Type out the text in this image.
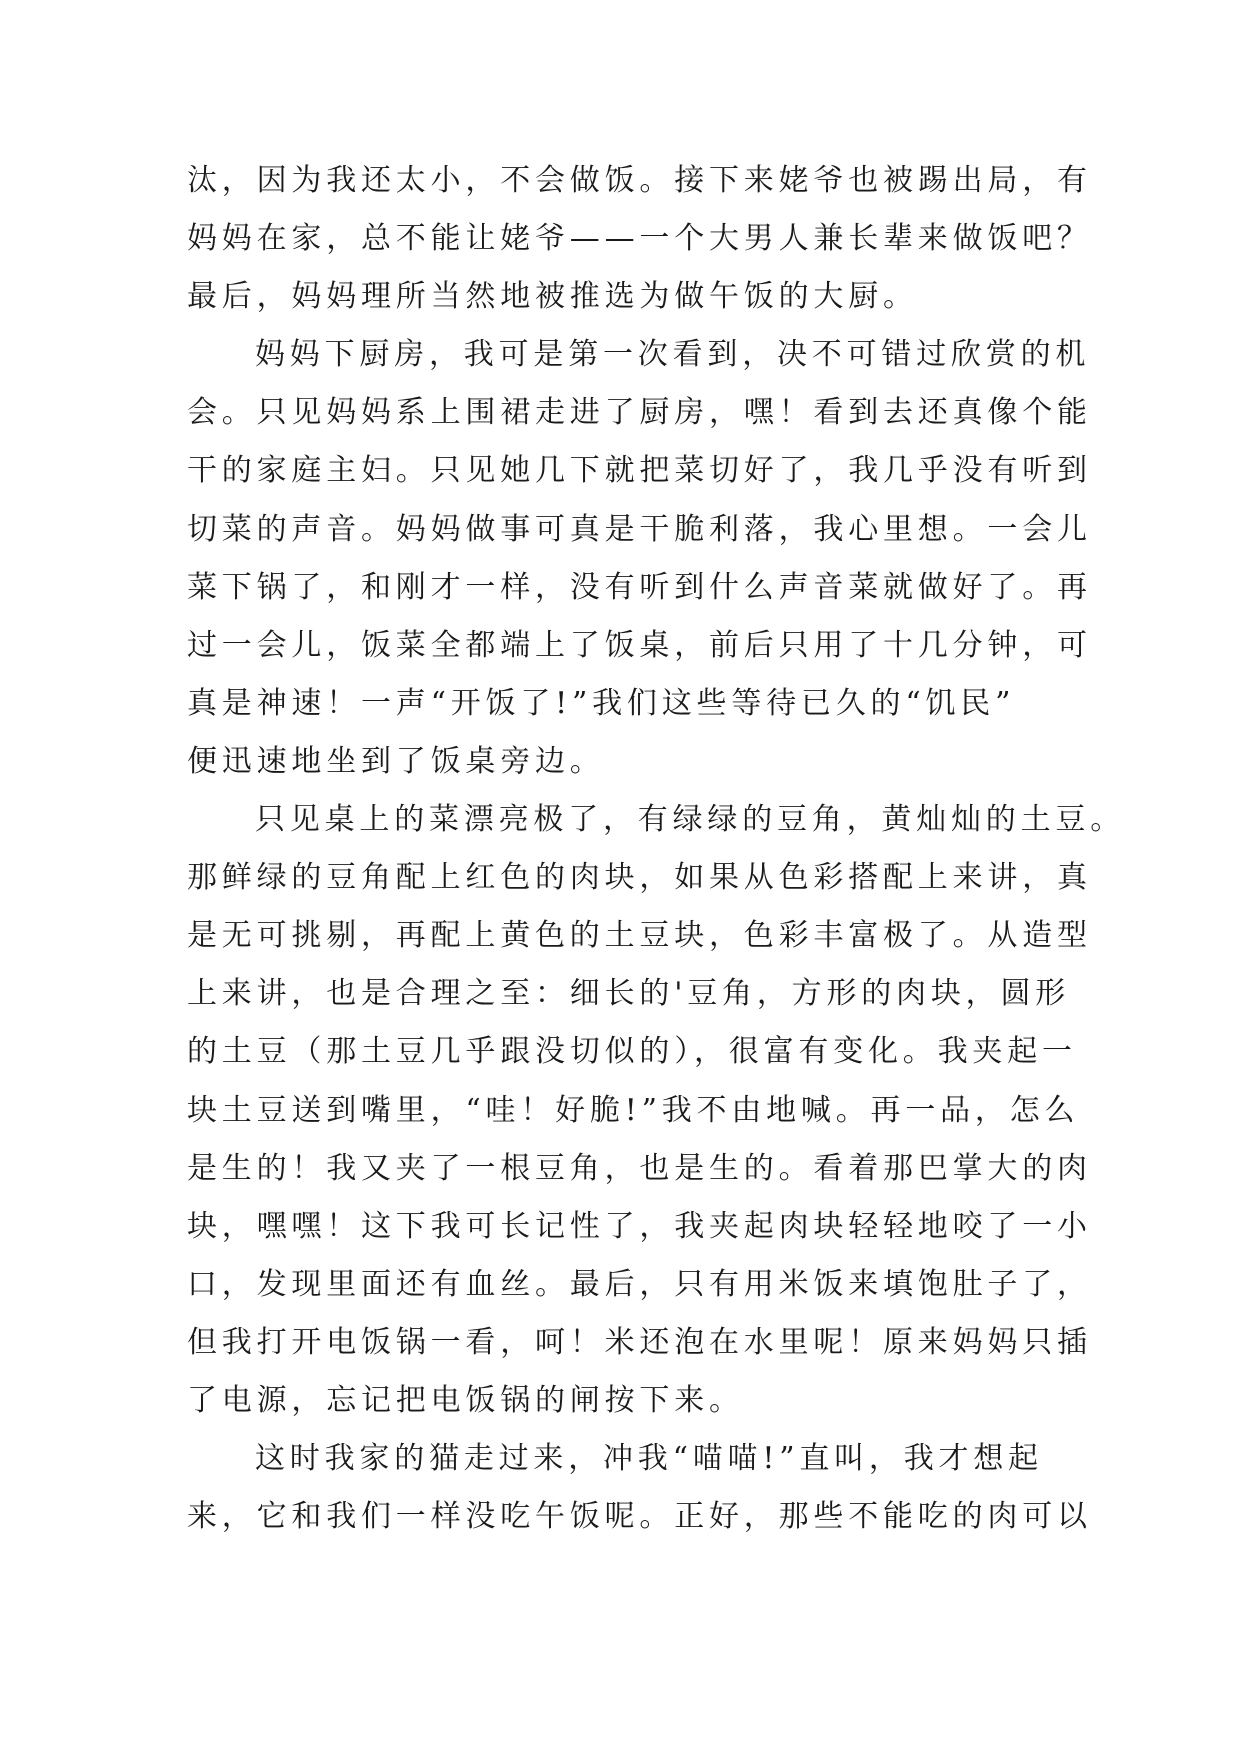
汰，因为我还太小，不会做饭。接下来姥爷也被踢出局，有
妈妈在家，总不能让姥爷——一个大男人兼长辈来做饭吧？
最后，妈妈理所当然地被推选为做午饭的大厨。
妈妈下厨房，我可是第一次看到，决不可错过欣赏的机
会。只见妈妈系上围裙走进了厨房，嘿！看到去还真像个能
干的家庭主妇。只见她几下就把菜切好了，我几乎没有听到
切菜的声音。妈妈做事可真是干脆利落，我心里想。一会儿
菜下锅了，和刚才一样，没有听到什么声音菜就做好了。再
过一会儿，饭菜全都端上了饭桌，前后只用了十几分钟，可
真是神速！一声“开饭了!”我们这些等待已久的“饥民”
便迅速地坐到了饭桌旁边。
只见桌上的菜漂亮极了，有绿绿的豆角，黄灿灿的土豆。
那鲜绿的豆角配上红色的肉块，如果从色彩搭配上来讲，真
是无可挑剔，再配上黄色的土豆块，色彩丰富极了。从造型
上来讲，也是合理之至：细长的'豆角，方形的肉块，圆形
的土豆（那土豆几乎跟没切似的），很富有变化。我夹起一
块土豆送到嘴里，“哇！好脆!”我不由地喊。再一品，怎么
是生的！我又夹了一根豆角，也是生的。看着那巴掌大的肉
块，嘿嘿！这下我可长记性了，我夹起肉块轻轻地咬了一小
口，发现里面还有血丝。最后，只有用米饭来填饱肚子了，
但我打开电饭锅一看，呵！米还泡在水里呢！原来妈妈只插
了电源，忘记把电饭锅的闸按下来。
这时我家的猫走过来，冲我“喵喵!”直叫，我才想起
来，它和我们一样没吃午饭呢。正好，那些不能吃的肉可以
